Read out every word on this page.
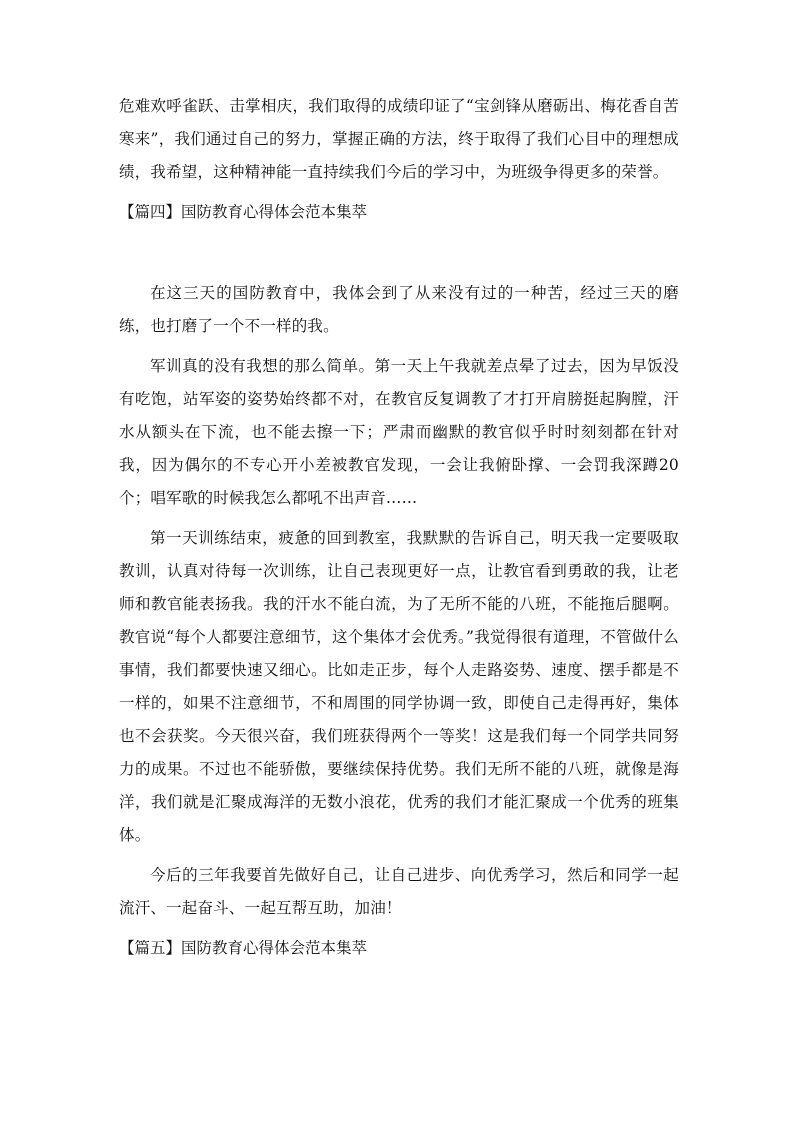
危难欢呼雀跃、击掌相庆，我们取得的成绩印证了“宝剑锋从磨砺出、梅花香自苦寒来”，我们通过自己的努力，掌握正确的方法，终于取得了我们心目中的理想成绩，我希望，这种精神能一直持续我们今后的学习中，为班级争得更多的荣誉。

【篇四】国防教育心得体会范本集萃

在这三天的国防教育中，我体会到了从来没有过的一种苦，经过三天的磨练，也打磨了一个不一样的我。

军训真的没有我想的那么简单。第一天上午我就差点晕了过去，因为早饭没有吃饱，站军姿的姿势始终都不对，在教官反复调教了才打开肩膀挺起胸膛，汗水从额头在下流，也不能去擦一下；严肃而幽默的教官似乎时时刻刻都在针对我，因为偶尔的不专心开小差被教官发现，一会让我俯卧撑、一会罚我深蹲20个；唱军歌的时候我怎么都吼不出声音……

第一天训练结束，疲惫的回到教室，我默默的告诉自己，明天我一定要吸取教训，认真对待每一次训练，让自己表现更好一点，让教官看到勇敢的我，让老师和教官能表扬我。我的汗水不能白流，为了无所不能的八班，不能拖后腿啊。教官说“每个人都要注意细节，这个集体才会优秀。”我觉得很有道理，不管做什么事情，我们都要快速又细心。比如走正步，每个人走路姿势、速度、摆手都是不一样的，如果不注意细节，不和周围的同学协调一致，即使自己走得再好，集体也不会获奖。今天很兴奋，我们班获得两个一等奖！这是我们每一个同学共同努力的成果。不过也不能骄傲，要继续保持优势。我们无所不能的八班，就像是海洋，我们就是汇聚成海洋的无数小浪花，优秀的我们才能汇聚成一个优秀的班集体。

今后的三年我要首先做好自己，让自己进步、向优秀学习，然后和同学一起流汗、一起奋斗、一起互帮互助，加油！

【篇五】国防教育心得体会范本集萃
